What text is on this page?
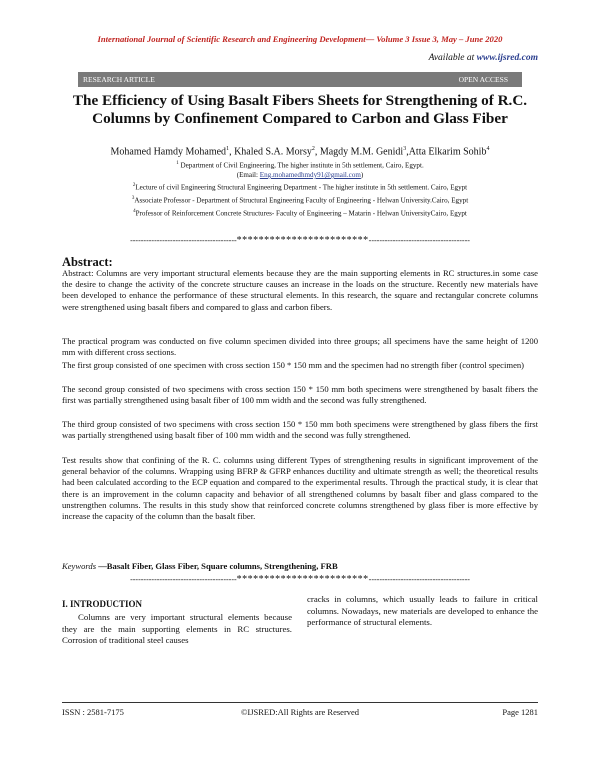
International Journal of Scientific Research and Engineering Development— Volume 3 Issue 3, May – June 2020
Available at www.ijsred.com
RESEARCH ARTICLE	OPEN ACCESS
The Efficiency of Using Basalt Fibers Sheets for Strengthening of R.C. Columns by Confinement Compared to Carbon and Glass Fiber
Mohamed Hamdy Mohamed$^1$, Khaled S.A. Morsy$^2$, Magdy M.M. Genidi$^3$,Atta Elkarim Sohib$^4$
$^1$ Department of Civil Engineering, The higher institute in 5th settlement, Cairo, Egypt.
(Email: Eng.mohamedhmdy91@gmail.com)
$^2$Lecture of civil Engineering Structural Engineering Department - The higher institute in 5th settlement. Cairo, Egypt
$^3$Associate Professor - Department of Structural Engineering Faculty of Engineering - Helwan University.Cairo, Egypt
$^4$Professor of Reinforcement Concrete Structures- Faculty of Engineering – Matarin - Helwan UniversityCairo, Egypt
----------------------------------------************************--------------------------------------
Abstract:
Abstract: Columns are very important structural elements because they are the main supporting elements in RC structures.in some case the desire to change the activity of the concrete structure causes an increase in the loads on the structure. Recently new materials have been developed to enhance the performance of these structural elements. In this research, the square and rectangular concrete columns were strengthened using basalt fibers and compared to glass and carbon fibers.
The practical program was conducted on five column specimen divided into three groups; all specimens have the same height of 1200 mm with different cross sections.
The first group consisted of one specimen with cross section 150 * 150 mm and the specimen had no strength fiber (control specimen)
The second group consisted of two specimens with cross section 150 * 150 mm both specimens were strengthened by basalt fibers the first was partially strengthened using basalt fiber of 100 mm width and the second was fully strengthened.
The third group consisted of two specimens with cross section 150 * 150 mm both specimens were strengthened by glass fibers the first was partially strengthened using basalt fiber of 100 mm width and the second was fully strengthened.
Test results show that confining of the R. C. columns using different Types of strengthening results in significant improvement of the general behavior of the columns. Wrapping using BFRP & GFRP enhances ductility and ultimate strength as well; the theoretical results had been calculated according to the ECP equation and compared to the experimental results. Through the practical study, it is clear that there is an improvement in the column capacity and behavior of all strengthened columns by basalt fiber and glass compared to the unstrengthen columns. The results in this study show that reinforced concrete columns strengthened by glass fiber is more effective by increase the capacity of the column than the basalt fiber.
Keywords —Basalt Fiber, Glass Fiber, Square columns, Strengthening, FRB
----------------------------------------************************--------------------------------------
I. INTRODUCTION
Columns are very important structural elements because they are the main supporting elements in RC structures. Corrosion of traditional steel causes
cracks in columns, which usually leads to failure in critical columns. Nowadays, new materials are developed to enhance the performance of structural elements.
ISSN : 2581-7175	©IJSRED:All Rights are Reserved	Page 1281
